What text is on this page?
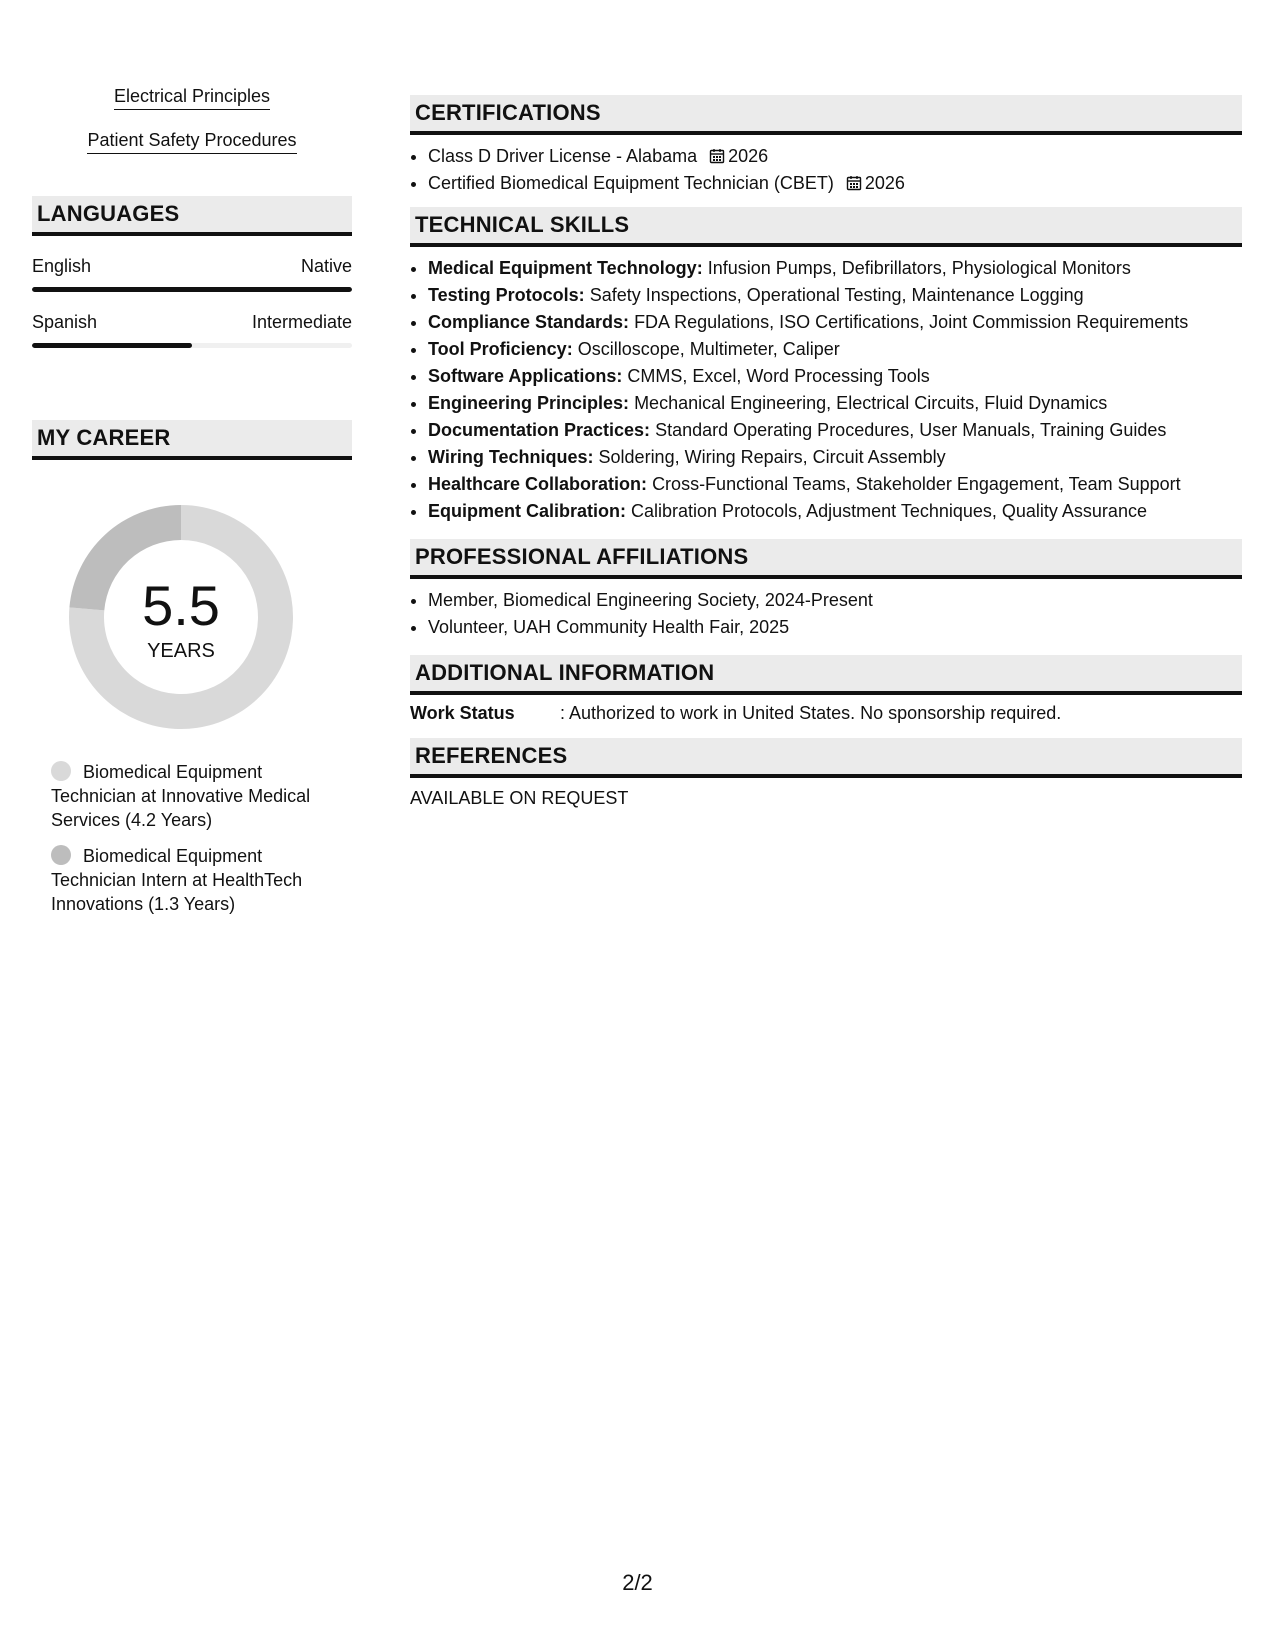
Electrical Principles
Patient Safety Procedures
LANGUAGES
English	Native
Spanish	Intermediate
MY CAREER
5.5
YEARS
Biomedical Equipment Technician at Innovative Medical Services (4.2 Years)
Biomedical Equipment Technician Intern at HealthTech Innovations (1.3 Years)
CERTIFICATIONS
• Class D Driver License - Alabama 2026
• Certified Biomedical Equipment Technician (CBET) 2026
TECHNICAL SKILLS
• Medical Equipment Technology: Infusion Pumps, Defibrillators, Physiological Monitors
• Testing Protocols: Safety Inspections, Operational Testing, Maintenance Logging
• Compliance Standards: FDA Regulations, ISO Certifications, Joint Commission Requirements
• Tool Proficiency: Oscilloscope, Multimeter, Caliper
• Software Applications: CMMS, Excel, Word Processing Tools
• Engineering Principles: Mechanical Engineering, Electrical Circuits, Fluid Dynamics
• Documentation Practices: Standard Operating Procedures, User Manuals, Training Guides
• Wiring Techniques: Soldering, Wiring Repairs, Circuit Assembly
• Healthcare Collaboration: Cross-Functional Teams, Stakeholder Engagement, Team Support
• Equipment Calibration: Calibration Protocols, Adjustment Techniques, Quality Assurance
PROFESSIONAL AFFILIATIONS
• Member, Biomedical Engineering Society, 2024-Present
• Volunteer, UAH Community Health Fair, 2025
ADDITIONAL INFORMATION
Work Status	: Authorized to work in United States. No sponsorship required.
REFERENCES
AVAILABLE ON REQUEST
2/2
